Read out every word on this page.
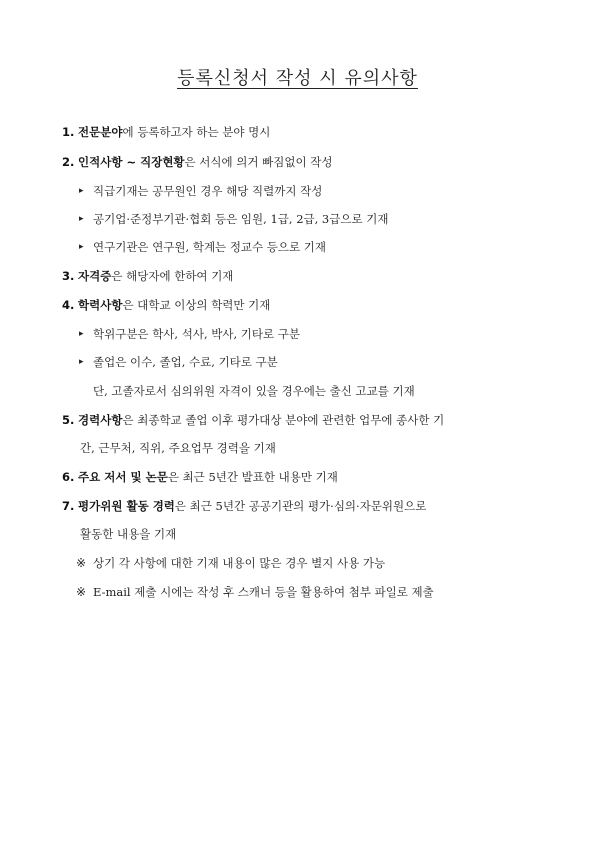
등록신청서 작성 시 유의사항
1. 전문분야에 등록하고자 하는 분야 명시
2. 인적사항 ~ 직장현황은 서식에 의거 빠짐없이 작성
▸ 직급기재는 공무원인 경우 해당 직렬까지 작성
▸ 공기업·준정부기관·협회 등은 임원, 1급, 2급, 3급으로 기재
▸ 연구기관은 연구원, 학계는 정교수 등으로 기재
3. 자격증은 해당자에 한하여 기재
4. 학력사항은 대학교 이상의 학력만 기재
▸ 학위구분은 학사, 석사, 박사, 기타로 구분
▸ 졸업은 이수, 졸업, 수료, 기타로 구분
단, 고졸자로서 심의위원 자격이 있을 경우에는 출신 고교를 기재
5. 경력사항은 최종학교 졸업 이후 평가대상 분야에 관련한 업무에 종사한 기
간, 근무처, 직위, 주요업무 경력을 기재
6. 주요 저서 및 논문은 최근 5년간 발표한 내용만 기재
7. 평가위원 활동 경력은 최근 5년간 공공기관의 평가·심의·자문위원으로
활동한 내용을 기재
※ 상기 각 사항에 대한 기재 내용이 많은 경우 별지 사용 가능
※ E-mail 제출 시에는 작성 후 스캐너 등을 활용하여 첨부 파일로 제출
